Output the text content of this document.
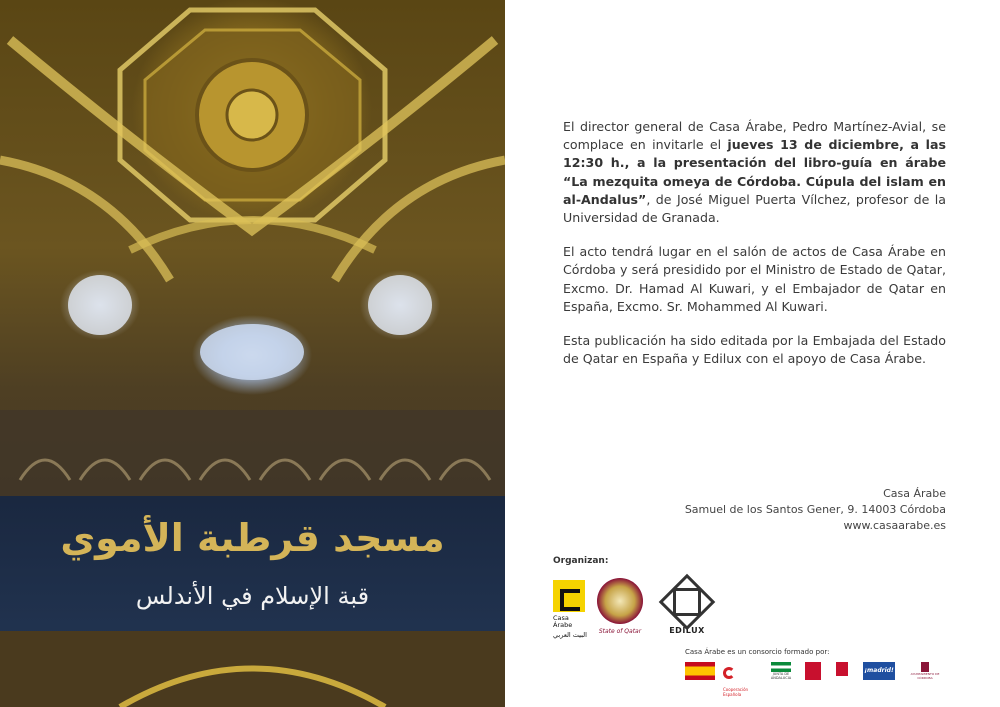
مسجد قرطبة الأموي
قبة الإسلام في الأندلس

El director general de Casa Árabe, Pedro Martínez-Avial, se complace en invitarle el jueves 13 de diciembre, a las 12:30 h., a la presentación del libro-guía en árabe “La mezquita omeya de Córdoba. Cúpula del islam en al-Andalus”, de José Miguel Puerta Vílchez, profesor de la Universidad de Granada.

El acto tendrá lugar en el salón de actos de Casa Árabe en Córdoba y será presidido por el Ministro de Estado de Qatar, Excmo. Dr. Hamad Al Kuwari, y el Embajador de Qatar en España, Excmo. Sr. Mohammed Al Kuwari.

Esta publicación ha sido editada por la Embajada del Estado de Qatar en España y Edilux con el apoyo de Casa Árabe.

Casa Árabe
Samuel de los Santos Gener, 9. 14003 Córdoba
www.casaarabe.es
Organizan:
Casa Árabe
البيت العربي	State of Qatar	EDILUX
Casa Árabe es un consorcio formado por:
Cooperación Española
JUNTA DE ANDALUCIA
¡madrid!	AYUNTAMIENTO DE CÓRDOBA
